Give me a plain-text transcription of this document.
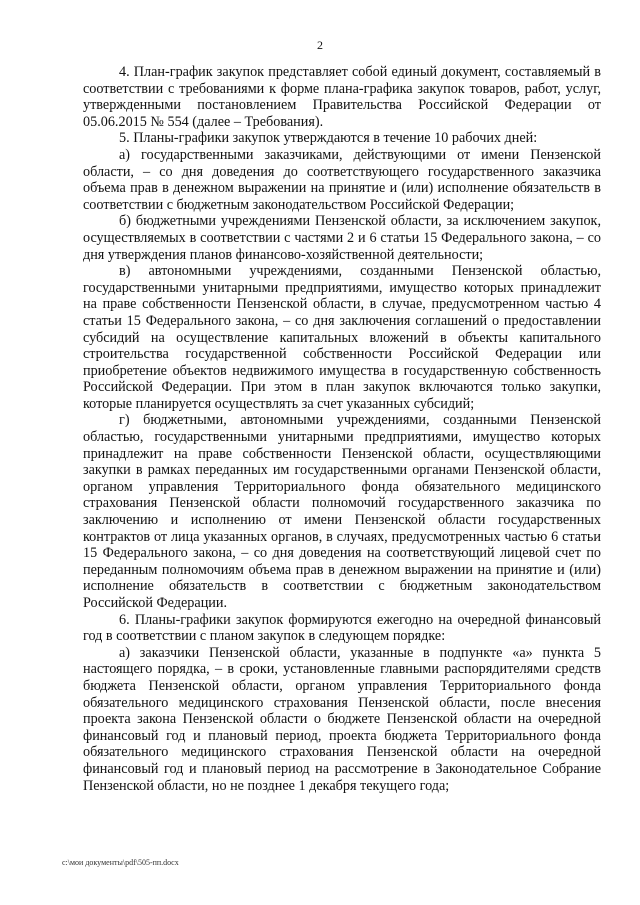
2

4. План-график закупок представляет собой единый документ, составляемый в соответствии с требованиями к форме плана-графика закупок товаров, работ, услуг, утвержденными постановлением Правительства Российской Федерации от 05.06.2015 № 554 (далее – Требования).

5. Планы-графики закупок утверждаются в течение 10 рабочих дней:

а) государственными заказчиками, действующими от имени Пензенской области, – со дня доведения до соответствующего государственного заказчика объема прав в денежном выражении на принятие и (или) исполнение обязательств в соответствии с бюджетным законодательством Российской Федерации;

б) бюджетными учреждениями Пензенской области, за исключением закупок, осуществляемых в соответствии с частями 2 и 6 статьи 15 Федерального закона, – со дня утверждения планов финансово-хозяйственной деятельности;

в) автономными учреждениями, созданными Пензенской областью, государственными унитарными предприятиями, имущество которых принадлежит на праве собственности Пензенской области, в случае, предусмотренном частью 4 статьи 15 Федерального закона, – со дня заключения соглашений о предоставлении субсидий на осуществление капитальных вложений в объекты капитального строительства государственной собственности Российской Федерации или приобретение объектов недвижимого имущества в государственную собственность Российской Федерации. При этом в план закупок включаются только закупки, которые планируется осуществлять за счет указанных субсидий;

г) бюджетными, автономными учреждениями, созданными Пензенской областью, государственными унитарными предприятиями, имущество которых принадлежит на праве собственности Пензенской области, осуществляющими закупки в рамках переданных им государственными органами Пензенской области, органом управления Территориального фонда обязательного медицинского страхования Пензенской области полномочий государственного заказчика по заключению и исполнению от имени Пензенской области государственных контрактов от лица указанных органов, в случаях, предусмотренных частью 6 статьи 15 Федерального закона, – со дня доведения на соответствующий лицевой счет по переданным полномочиям объема прав в денежном выражении на принятие и (или) исполнение обязательств в соответствии с бюджетным законодательством Российской Федерации.

6. Планы-графики закупок формируются ежегодно на очередной финансовый год в соответствии с планом закупок в следующем порядке:

а) заказчики Пензенской области, указанные в подпункте «а» пункта 5 настоящего порядка, – в сроки, установленные главными распорядителями средств бюджета Пензенской области, органом управления Территориального фонда обязательного медицинского страхования Пензенской области, после внесения проекта закона Пензенской области о бюджете Пензенской области на очередной финансовый год и плановый период, проекта бюджета Территориального фонда обязательного медицинского страхования Пензенской области на очередной финансовый год и плановый период на рассмотрение в Законодательное Собрание Пензенской области, но не позднее 1 декабря текущего года;

c:\мои документы\pdf\505-пп.docx
